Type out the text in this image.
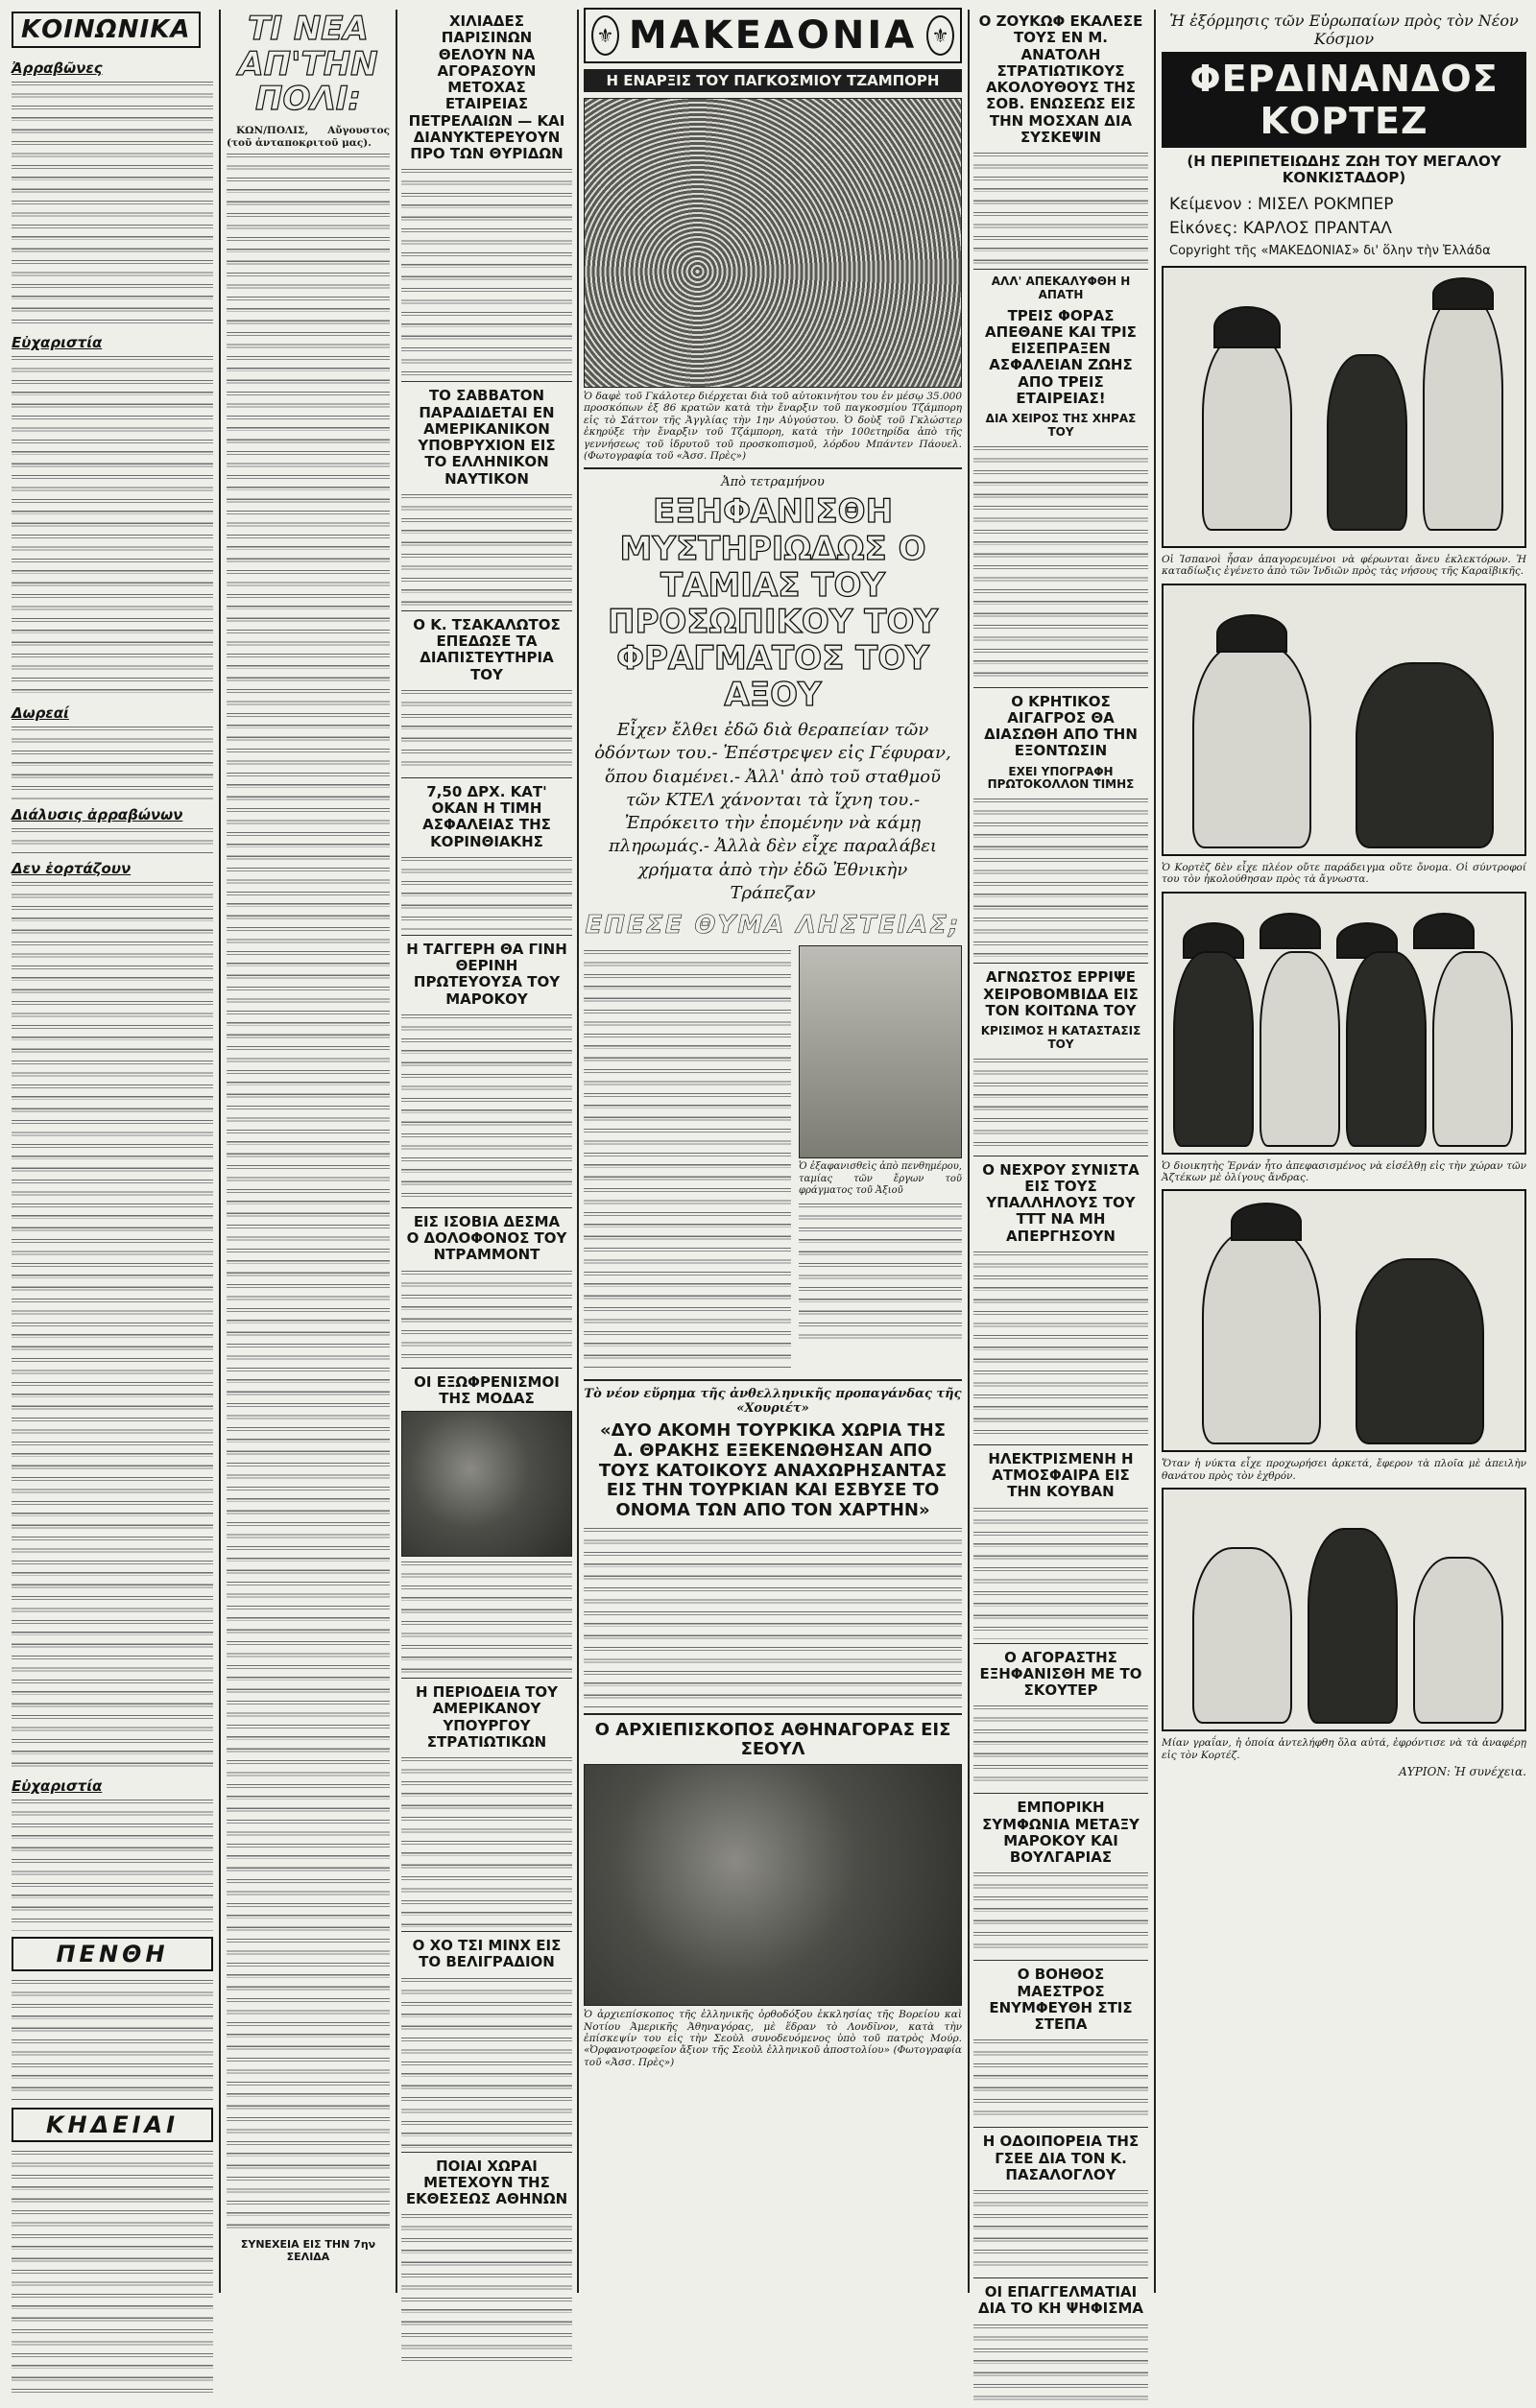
ΚΟΙΝΩΝΙΚΑ
Ἀρραβῶνες
Εὐχαριστία
Δωρεαί
Διάλυσις ἀρραβώνων
Δεν ἑορτάζουν
Εὐχαριστία
ΠΕΝΘΗ
ΚΗΔΕΙΑΙ
ΤΙ ΝΕΑ ΑΠ'ΤΗΝ ΠΟΛΙ:
ΚΩΝ/ΠΟΛΙΣ, Αὔγουστος (τοῦ ἀνταποκριτοῦ μας).
ΣΥΝΕΧΕΙΑ ΕΙΣ ΤΗΝ 7ην ΣΕΛΙΔΑ
ΧΙΛΙΑΔΕΣ ΠΑΡΙΣΙΝΩΝ ΘΕΛΟΥΝ ΝΑ ΑΓΟΡΑΣΟΥΝ ΜΕΤΟΧΑΣ ΕΤΑΙΡΕΙΑΣ ΠΕΤΡΕΛΑΙΩΝ — ΚΑΙ ΔΙΑΝΥΚΤΕΡΕΥΟΥΝ ΠΡΟ ΤΩΝ ΘΥΡΙΔΩΝ
ΤΟ ΣΑΒΒΑΤΟΝ ΠΑΡΑΔΙΔΕΤΑΙ ΕΝ ΑΜΕΡΙΚΑΝΙΚΟΝ ΥΠΟΒΡΥΧΙΟΝ ΕΙΣ ΤΟ ΕΛΛΗΝΙΚΟΝ ΝΑΥΤΙΚΟΝ
Ο Κ. ΤΣΑΚΑΛΩΤΟΣ ΕΠΕΔΩΣΕ ΤΑ ΔΙΑΠΙΣΤΕΥΤΗΡΙΑ ΤΟΥ
7,50 ΔΡΧ. ΚΑΤ' ΟΚΑΝ Η ΤΙΜΗ ΑΣΦΑΛΕΙΑΣ ΤΗΣ ΚΟΡΙΝΘΙΑΚΗΣ
Η ΤΑΓΓΕΡΗ ΘΑ ΓΙΝΗ ΘΕΡΙΝΗ ΠΡΩΤΕΥΟΥΣΑ ΤΟΥ ΜΑΡΟΚΟΥ
ΕΙΣ ΙΣΟΒΙΑ ΔΕΣΜΑ Ο ΔΟΛΟΦΟΝΟΣ ΤΟΥ ΝΤΡΑΜΜΟΝΤ
ΟΙ ΕΞΩΦΡΕΝΙΣΜΟΙ ΤΗΣ ΜΟΔΑΣ
Η ΠΕΡΙΟΔΕΙΑ ΤΟΥ ΑΜΕΡΙΚΑΝΟΥ ΥΠΟΥΡΓΟΥ ΣΤΡΑΤΙΩΤΙΚΩΝ
Ο ΧΟ ΤΣΙ ΜΙΝΧ ΕΙΣ ΤΟ ΒΕΛΙΓΡΑΔΙΟΝ
ΠΟΙΑΙ ΧΩΡΑΙ ΜΕΤΕΧΟΥΝ ΤΗΣ ΕΚΘΕΣΕΩΣ ΑΘΗΝΩΝ
⚜ ΜΑΚΕΔΟΝΙΑ ⚜
Η ΕΝΑΡΞΙΣ ΤΟΥ ΠΑΓΚΟΣΜΙΟΥ ΤΖΑΜΠΟΡΗ
Ὁ δαφὲ τοῦ Γκάλοτερ διέρχεται διὰ τοῦ αὐτοκινήτου του ἐν μέσῳ 35.000 προσκόπων ἐξ 86 κρατῶν κατὰ τὴν ἔναρξιν τοῦ παγκοσμίου Τζάμπορη εἰς τὸ Σάττον τῆς Ἀγγλίας τὴν 1ην Αὐγούστου. Ὁ δοὺξ τοῦ Γκλώστερ ἐκηρύξε τὴν ἔναρξιν τοῦ Τζάμπορη, κατὰ τὴν 100ετηρίδα ἀπὸ τῆς γεννήσεως τοῦ ἱδρυτοῦ τοῦ προσκοπισμοῦ, λόρδου Μπάντεν Πάουελ. (Φωτογραφία τοῦ «Ἀσσ. Πρὲς»)
Ἀπὸ τετραμήνου
ΕΞΗΦΑΝΙΣΘΗ ΜΥΣΤΗΡΙΩΔΩΣ Ο ΤΑΜΙΑΣ ΤΟΥ ΠΡΟΣΩΠΙΚΟΥ ΤΟΥ ΦΡΑΓΜΑΤΟΣ ΤΟΥ ΑΞΟΥ
Εἶχεν ἔλθει ἐδῶ διὰ θεραπείαν τῶν ὀδόντων του.- Ἐπέστρεψεν εἰς Γέφυραν, ὅπου διαμένει.- Ἀλλ' ἀπὸ τοῦ σταθμοῦ τῶν ΚΤΕΛ χάνονται τὰ ἴχνη του.- Ἐπρόκειτο τὴν ἐπομένην νὰ κάμῃ πληρωμάς.- Ἀλλὰ δὲν εἶχε παραλάβει χρήματα ἀπὸ τὴν ἐδῶ Ἐθνικὴν Τράπεζαν
ΕΠΕΣΕ ΘΥΜΑ ΛΗΣΤΕΙΑΣ;
Ὁ ἐξαφανισθεὶς ἀπὸ πενθημέρου, ταμίας τῶν ἔργων τοῦ φράγματος τοῦ Ἀξιοῦ
Τὸ νέον εὕρημα τῆς ἀνθελληνικῆς προπαγάνδας τῆς «Χουριέτ»
«ΔΥΟ ΑΚΟΜΗ ΤΟΥΡΚΙΚΑ ΧΩΡΙΑ ΤΗΣ Δ. ΘΡΑΚΗΣ ΕΞΕΚΕΝΩΘΗΣΑΝ ΑΠΟ ΤΟΥΣ ΚΑΤΟΙΚΟΥΣ ΑΝΑΧΩΡΗΣΑΝΤΑΣ ΕΙΣ ΤΗΝ ΤΟΥΡΚΙΑΝ ΚΑΙ ΕΣΒΥΣΕ ΤΟ ΟΝΟΜΑ ΤΩΝ ΑΠΟ ΤΟΝ ΧΑΡΤΗΝ»
Ο ΑΡΧΙΕΠΙΣΚΟΠΟΣ ΑΘΗΝΑΓΟΡΑΣ ΕΙΣ ΣΕΟΥΛ
Ὁ ἀρχιεπίσκοπος τῆς ἑλληνικῆς ὀρθοδόξου ἐκκλησίας τῆς Βορείου καὶ Νοτίου Ἀμερικῆς Ἀθηναγόρας, μὲ ἕδραν τὸ Λονδῖνον, κατὰ τὴν ἐπίσκεψίν του εἰς τὴν Σεοὺλ συνοδευόμενος ὑπὸ τοῦ πατρὸς Μούρ. «Ὀρφανοτροφεῖον ἄξιον τῆς Σεοὺλ ἑλληνικοῦ ἀποστολίου» (Φωτογραφία τοῦ «Ἀσσ. Πρὲς»)
Ο ΖΟΥΚΩΦ ΕΚΑΛΕΣΕ ΤΟΥΣ ΕΝ Μ. ΑΝΑΤΟΛΗ ΣΤΡΑΤΙΩΤΙΚΟΥΣ ΑΚΟΛΟΥΘΟΥΣ ΤΗΣ ΣΟΒ. ΕΝΩΣΕΩΣ ΕΙΣ ΤΗΝ ΜΟΣΧΑΝ ΔΙΑ ΣΥΣΚΕΨΙΝ
ΑΛΛ' ΑΠΕΚΑΛΥΦΘΗ Η ΑΠΑΤΗ
ΤΡΕΙΣ ΦΟΡΑΣ ΑΠΕΘΑΝΕ ΚΑΙ ΤΡΙΣ ΕΙΣΕΠΡΑΞΕΝ ΑΣΦΑΛΕΙΑΝ ΖΩΗΣ ΑΠΟ ΤΡΕΙΣ ΕΤΑΙΡΕΙΑΣ!
ΔΙΑ ΧΕΙΡΟΣ ΤΗΣ ΧΗΡΑΣ ΤΟΥ
Ο ΚΡΗΤΙΚΟΣ ΑΙΓΑΓΡΟΣ ΘΑ ΔΙΑΣΩΘΗ ΑΠΟ ΤΗΝ ΕΞΟΝΤΩΣΙΝ
ΕΧΕΙ ΥΠΟΓΡΑΦΗ ΠΡΩΤΟΚΟΛΛΟΝ ΤΙΜΗΣ
ΑΓΝΩΣΤΟΣ ΕΡΡΙΨΕ ΧΕΙΡΟΒΟΜΒΙΔΑ ΕΙΣ ΤΟΝ ΚΟΙΤΩΝΑ ΤΟΥ
ΚΡΙΣΙΜΟΣ Η ΚΑΤΑΣΤΑΣΙΣ ΤΟΥ
Ο ΝΕΧΡΟΥ ΣΥΝΙΣΤΑ ΕΙΣ ΤΟΥΣ ΥΠΑΛΛΗΛΟΥΣ ΤΟΥ ΤΤΤ ΝΑ ΜΗ ΑΠΕΡΓΗΣΟΥΝ
ΗΛΕΚΤΡΙΣΜΕΝΗ Η ΑΤΜΟΣΦΑΙΡΑ ΕΙΣ ΤΗΝ ΚΟΥΒΑΝ
Ο ΑΓΟΡΑΣΤΗΣ ΕΞΗΦΑΝΙΣΘΗ ΜΕ ΤΟ ΣΚΟΥΤΕΡ
ΕΜΠΟΡΙΚΗ ΣΥΜΦΩΝΙΑ ΜΕΤΑΞΥ ΜΑΡΟΚΟΥ ΚΑΙ ΒΟΥΛΓΑΡΙΑΣ
Ο ΒΟΗΘΟΣ ΜΑΕΣΤΡΟΣ ΕΝΥΜΦΕΥΘΗ ΣΤΙΣ ΣΤΕΠΑ
Η ΟΔΟΙΠΟΡΕΙΑ ΤΗΣ ΓΣΕΕ ΔΙΑ ΤΟΝ Κ. ΠΑΣΑΛΟΓΛΟΥ
ΟΙ ΕΠΑΓΓΕΛΜΑΤΙΑΙ ΔΙΑ ΤΟ ΚΗ ΨΗΦΙΣΜΑ
Ἡ ἐξόρμησις τῶν Εὐρωπαίων πρὸς τὸν Νέον Κόσμον
ΦΕΡΔΙΝΑΝΔΟΣ ΚΟΡΤΕΖ
(Η ΠΕΡΙΠΕΤΕΙΩΔΗΣ ΖΩΗ ΤΟΥ ΜΕΓΑΛΟΥ ΚΟΝΚΙΣΤΑΔΟΡ)
Κείμενον : ΜΙΣΕΛ ΡΟΚΜΠΕΡ
Εἰκόνες: ΚΑΡΛΟΣ ΠΡΑΝΤΑΛ
Copyright τῆς «ΜΑΚΕΔΟΝΙΑΣ» δι' ὅλην τὴν Ἑλλάδα
Οἱ Ἰσπανοὶ ἦσαν ἀπαγορευμένοι νὰ φέρωνται ἄνευ ἐκλεκτόρων. Ἡ καταδίωξις ἐγένετο ἀπὸ τῶν Ἰνδιῶν πρὸς τὰς νήσους τῆς Καραϊβικῆς.
Ὁ Κορτὲζ δὲν εἶχε πλέον οὔτε παράδειγμα οὔτε ὄνομα. Οἱ σύντροφοί του τὸν ἠκολούθησαν πρὸς τὰ ἄγνωστα.
Ὁ διοικητὴς Ἐρνάν ἦτο ἀπεφασισμένος νὰ εἰσέλθῃ εἰς τὴν χώραν τῶν Ἀζτέκων μὲ ὁλίγους ἄνδρας.
Ὅταν ἡ νύκτα εἶχε προχωρήσει ἀρκετά, ἔφερον τὰ πλοῖα μὲ ἀπειλὴν θανάτου πρὸς τὸν ἐχθρόν.
Μίαν γραΐαν, ἡ ὁποία ἀντελήφθη ὅλα αὐτά, ἐφρόντισε νὰ τὰ ἀναφέρῃ εἰς τὸν Κορτέζ.
ΑΥΡΙΟΝ: Ἡ συνέχεια.
